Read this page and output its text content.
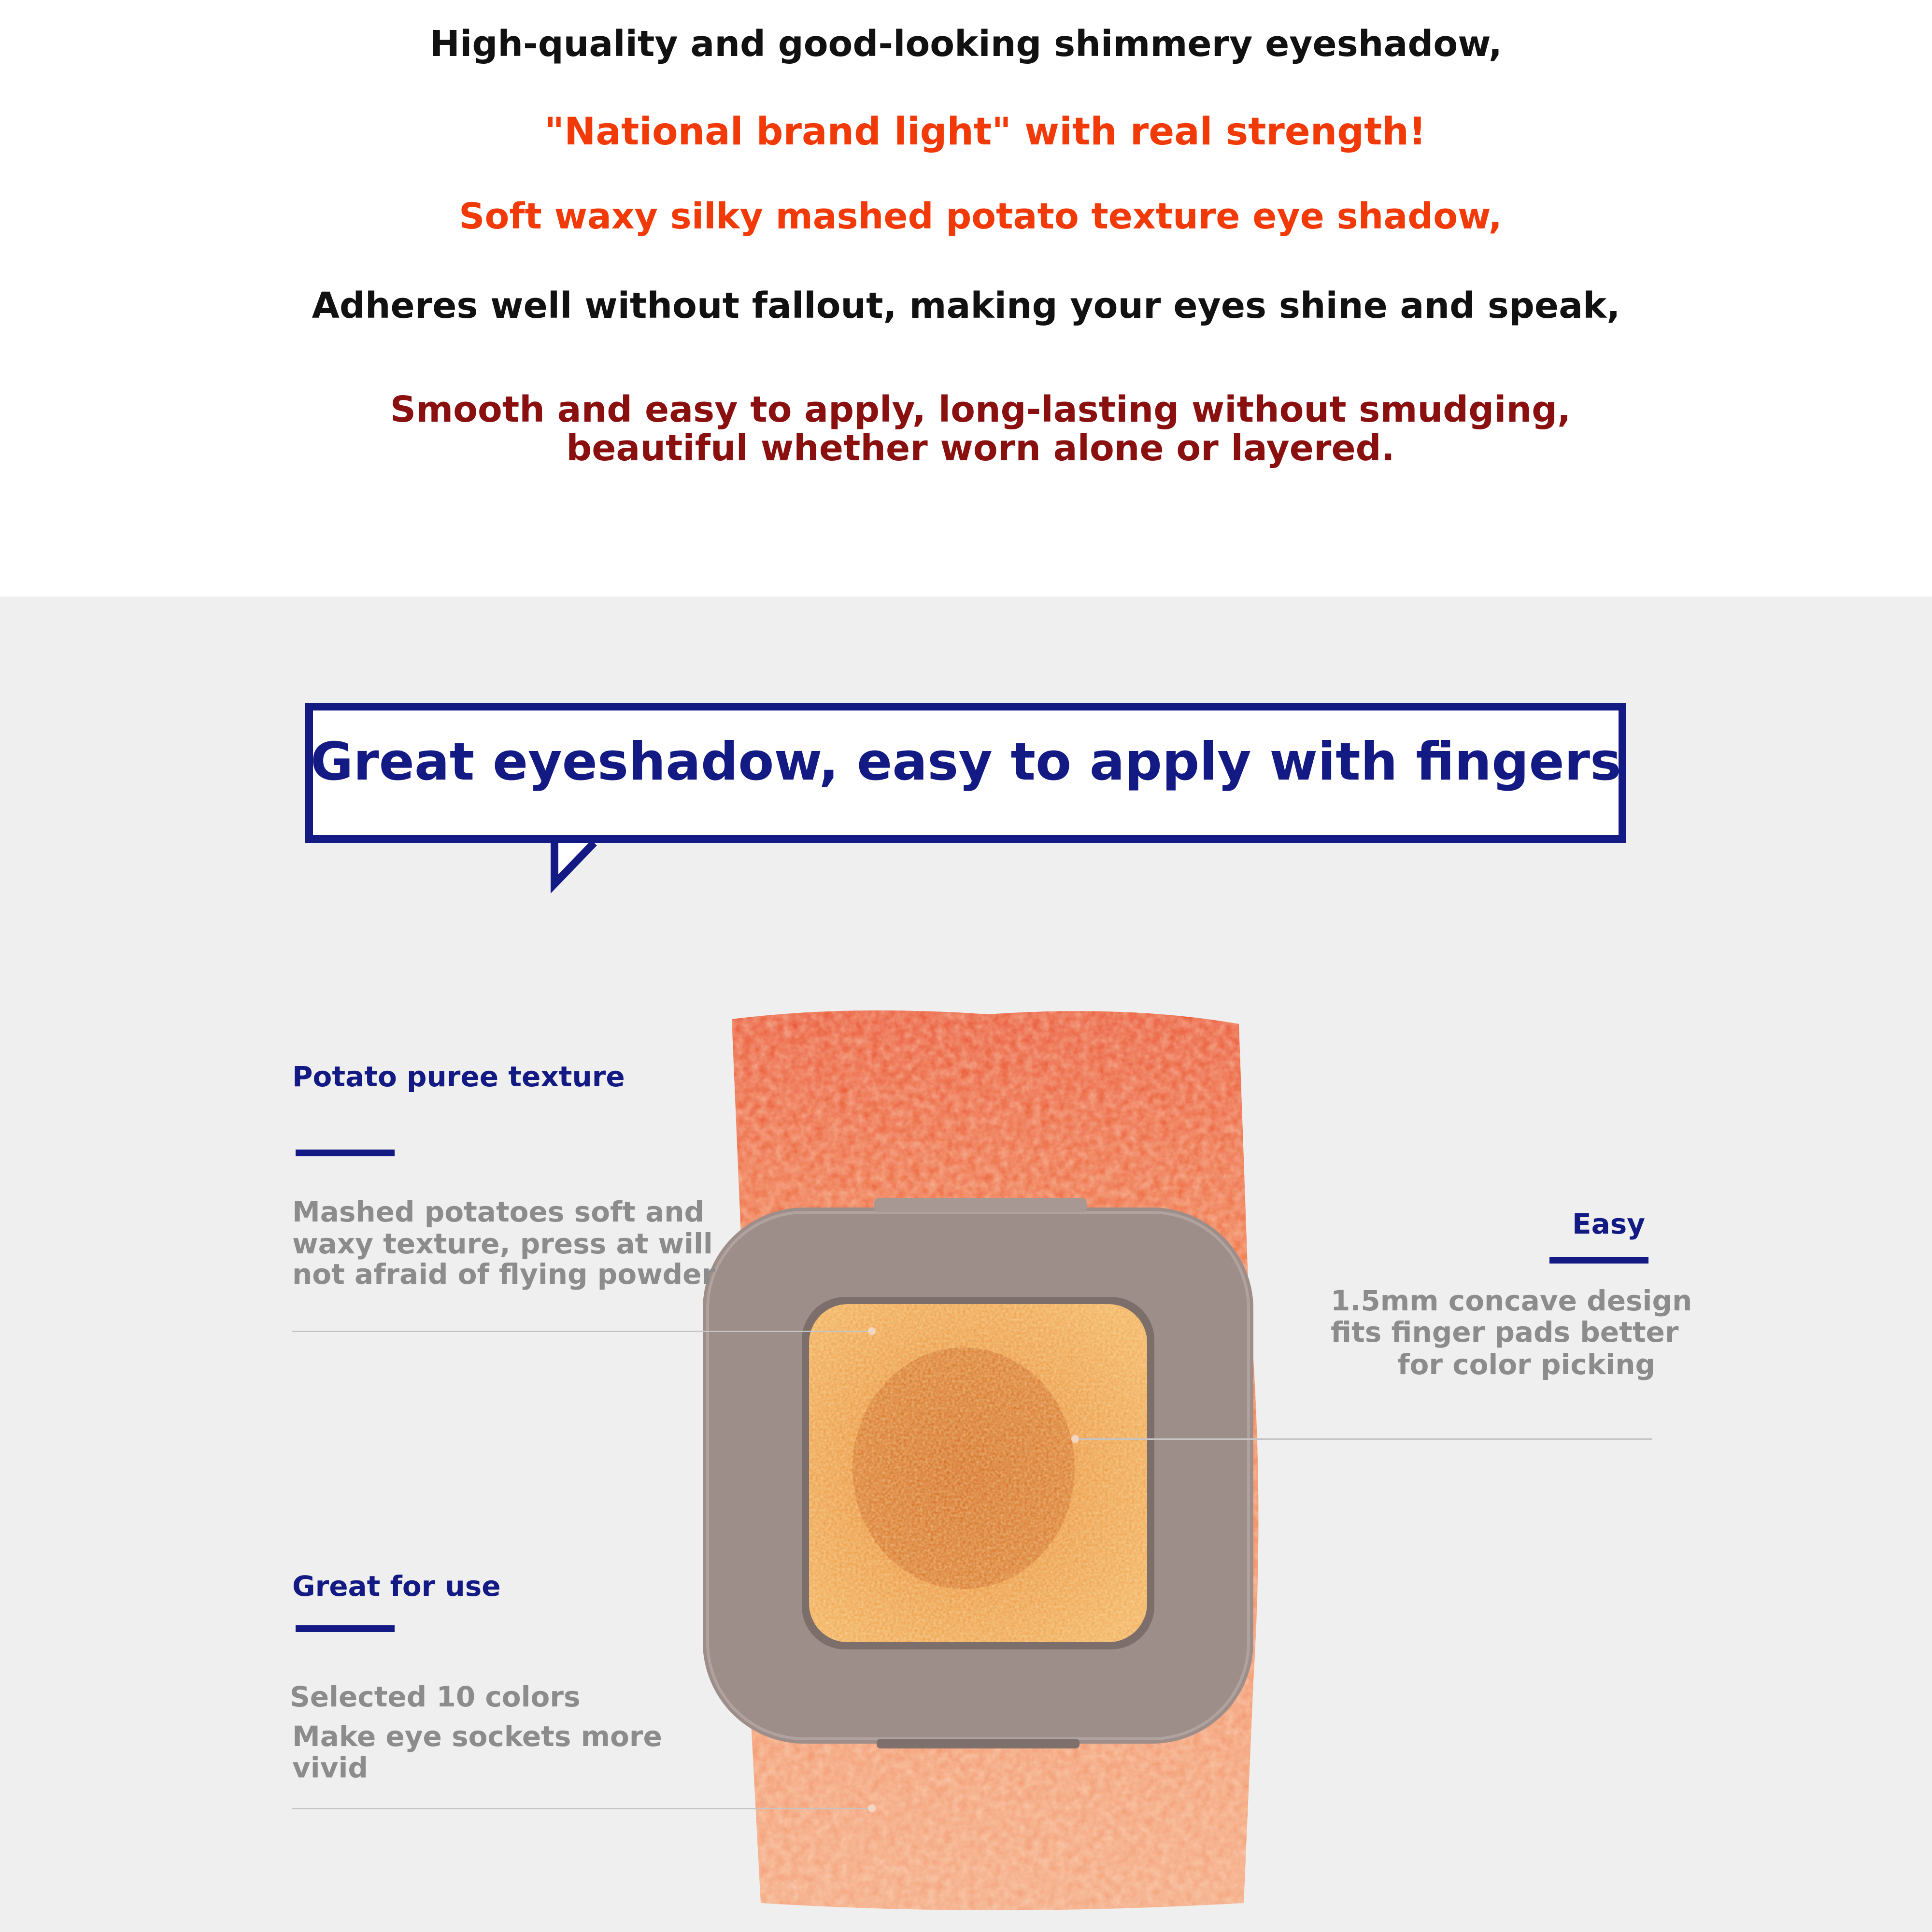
High-quality and good-looking shimmery eyeshadow,
"National brand light" with real strength!
Soft waxy silky mashed potato texture eye shadow,
Adheres well without fallout, making your eyes shine and speak,
Smooth and easy to apply, long-lasting without smudging,
beautiful whether worn alone or layered.
Great eyeshadow, easy to apply with fingers
Potato puree texture
Mashed potatoes soft and
waxy texture, press at will
not afraid of flying powder
Easy
1.5mm concave design
fits finger pads better
for color picking
Great for use
Selected 10 colors
Make eye sockets more
vivid
